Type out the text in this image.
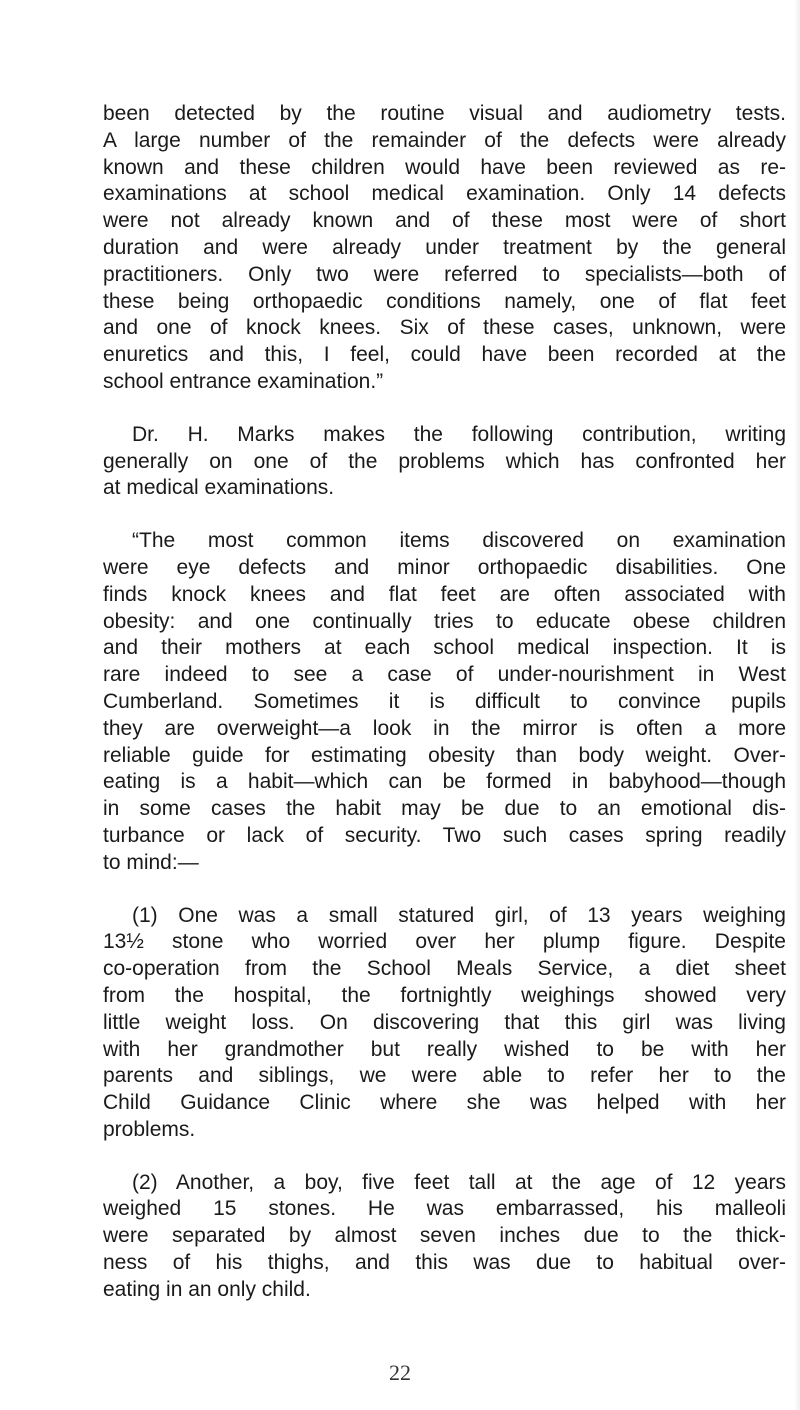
been detected by the routine visual and audiometry tests.
A large number of the remainder of the defects were already
known and these children would have been reviewed as re-
examinations at school medical examination. Only 14 defects
were not already known and of these most were of short
duration and were already under treatment by the general
practitioners. Only two were referred to specialists—both of
these being orthopaedic conditions namely, one of flat feet
and one of knock knees. Six of these cases, unknown, were
enuretics and this, I feel, could have been recorded at the
school entrance examination.”

Dr. H. Marks makes the following contribution, writing
generally on one of the problems which has confronted her
at medical examinations.

“The most common items discovered on examination
were eye defects and minor orthopaedic disabilities. One
finds knock knees and flat feet are often associated with
obesity: and one continually tries to educate obese children
and their mothers at each school medical inspection. It is
rare indeed to see a case of under-nourishment in West
Cumberland. Sometimes it is difficult to convince pupils
they are overweight—a look in the mirror is often a more
reliable guide for estimating obesity than body weight. Over-
eating is a habit—which can be formed in babyhood—though
in some cases the habit may be due to an emotional dis-
turbance or lack of security. Two such cases spring readily
to mind:—

(1) One was a small statured girl, of 13 years weighing
13½ stone who worried over her plump figure. Despite
co-operation from the School Meals Service, a diet sheet
from the hospital, the fortnightly weighings showed very
little weight loss. On discovering that this girl was living
with her grandmother but really wished to be with her
parents and siblings, we were able to refer her to the
Child Guidance Clinic where she was helped with her
problems.

(2) Another, a boy, five feet tall at the age of 12 years
weighed 15 stones. He was embarrassed, his malleoli
were separated by almost seven inches due to the thick-
ness of his thighs, and this was due to habitual over-
eating in an only child.

22
